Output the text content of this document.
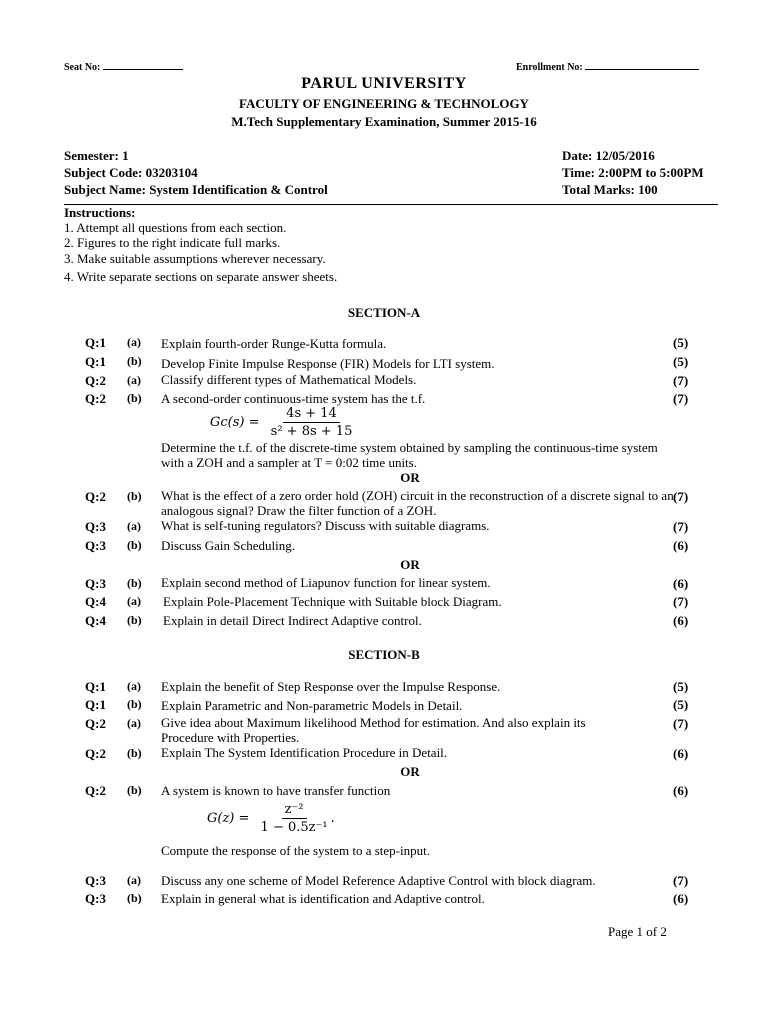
Seat No:	Enrollment No:
PARUL UNIVERSITY
FACULTY OF ENGINEERING & TECHNOLOGY
M.Tech Supplementary Examination, Summer 2015-16
Semester: 1
Subject Code: 03203104
Subject Name: System Identification & Control
Date: 12/05/2016
Time: 2:00PM to 5:00PM
Total Marks: 100
Instructions:
1. Attempt all questions from each section.
2. Figures to the right indicate full marks.
3. Make suitable assumptions wherever necessary.
4. Write separate sections on separate answer sheets.
SECTION-A
Q:1 (a) Explain fourth-order Runge-Kutta formula.	(5)
Q:1 (b) Develop Finite Impulse Response (FIR) Models for LTI system.	(5)
Q:2 (a) Classify different types of Mathematical Models.	(7)
Q:2 (b) A second-order continuous-time system has the t.f.	(7)
$Gc(s) = \frac{4s + 14}{\text{s² + 8s + 15}}$
Determine the t.f. of the discrete-time system obtained by sampling the continuous-time system with a ZOH and a sampler at T = 0:02 time units.
OR
Q:2 (b) What is the effect of a zero order hold (ZOH) circuit in the reconstruction of a discrete signal to an analogous signal? Draw the filter function of a ZOH.
(7)
Q:3 (a) What is self-tuning regulators? Discuss with suitable diagrams.	(7)
Q:3 (b) Discuss Gain Scheduling.	(6)
OR
Q:3 (b) Explain second method of Liapunov function for linear system.	(6)
Q:4 (a) Explain Pole-Placement Technique with Suitable block Diagram.	(7)
Q:4 (b) Explain in detail Direct Indirect Adaptive control.	(6)
SECTION-B
Q:1 (a) Explain the benefit of Step Response over the Impulse Response.	(5)
Q:1 (b) Explain Parametric and Non-parametric Models in Detail.	(5)
Q:2 (a) Give idea about Maximum likelihood Method for estimation. And also explain its Procedure with Properties.
(7)
Q:2 (b) Explain The System Identification Procedure in Detail.	(6)
OR
Q:2 (b) A system is known to have transfer function	(6)
$G(z) = \frac{\text{z⁻²}}{\text{1 − 0.5z⁻¹}}$ .
Compute the response of the system to a step-input.
Q:3 (a) Discuss any one scheme of Model Reference Adaptive Control with block diagram.	(7)
Q:3 (b) Explain in general what is identification and Adaptive control.	(6)
Page 1 of 2
